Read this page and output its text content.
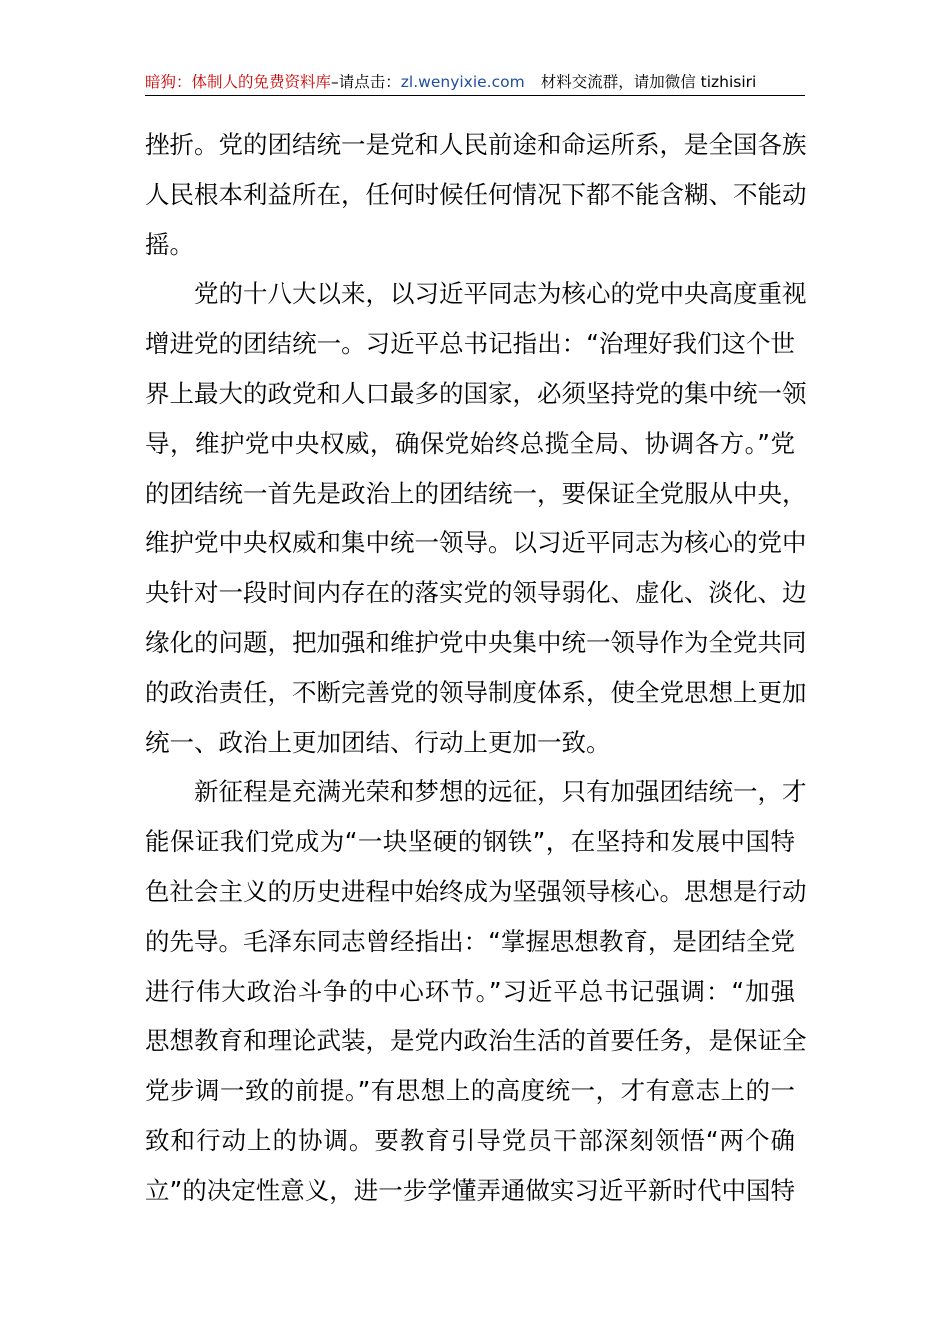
暗狗：体制人的免费资料库–请点击：zl.wenyixie.com 材料交流群，请加微信 tizhisiri
挫折。党的团结统一是党和人民前途和命运所系，是全国各族
人民根本利益所在，任何时候任何情况下都不能含糊、不能动
摇。
党的十八大以来，以习近平同志为核心的党中央高度重视
增进党的团结统一。习近平总书记指出：“治理好我们这个世
界上最大的政党和人口最多的国家，必须坚持党的集中统一领
导，维护党中央权威，确保党始终总揽全局、协调各方。”党
的团结统一首先是政治上的团结统一，要保证全党服从中央，
维护党中央权威和集中统一领导。以习近平同志为核心的党中
央针对一段时间内存在的落实党的领导弱化、虚化、淡化、边
缘化的问题，把加强和维护党中央集中统一领导作为全党共同
的政治责任，不断完善党的领导制度体系，使全党思想上更加
统一、政治上更加团结、行动上更加一致。
新征程是充满光荣和梦想的远征，只有加强团结统一，才
能保证我们党成为“一块坚硬的钢铁”，在坚持和发展中国特
色社会主义的历史进程中始终成为坚强领导核心。思想是行动
的先导。毛泽东同志曾经指出：“掌握思想教育，是团结全党
进行伟大政治斗争的中心环节。”习近平总书记强调：“加强
思想教育和理论武装，是党内政治生活的首要任务，是保证全
党步调一致的前提。”有思想上的高度统一，才有意志上的一
致和行动上的协调。要教育引导党员干部深刻领悟“两个确
立”的决定性意义，进一步学懂弄通做实习近平新时代中国特
